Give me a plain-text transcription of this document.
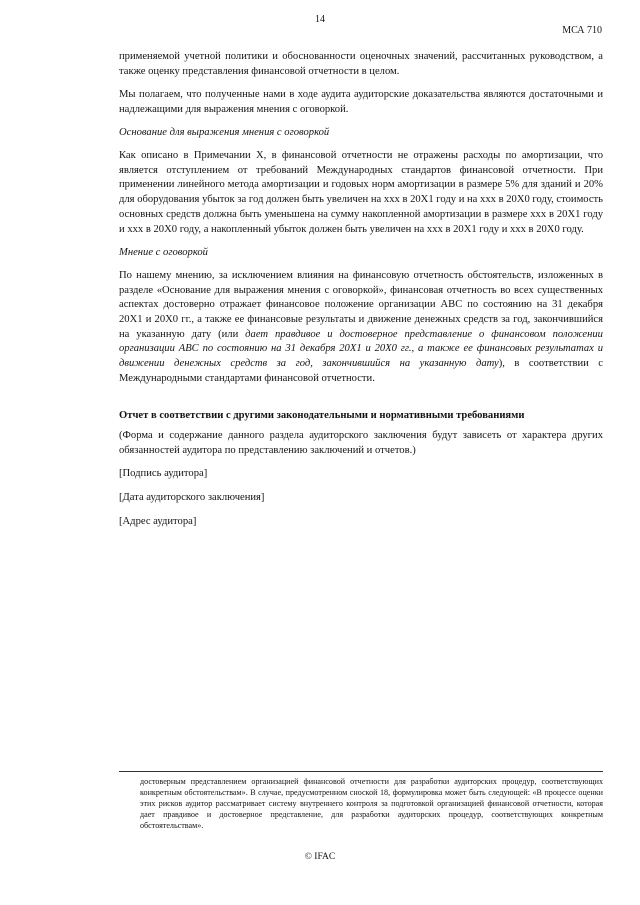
14
МСА 710

применяемой учетной политики и обоснованности оценочных значений, рассчитанных руководством, а также оценку представления финансовой отчетности в целом.

Мы полагаем, что полученные нами в ходе аудита аудиторские доказательства являются достаточными и надлежащими для выражения мнения с оговоркой.

Основание для выражения мнения с оговоркой

Как описано в Примечании X, в финансовой отчетности не отражены расходы по амортизации, что является отступлением от требований Международных стандартов финансовой отчетности. При применении линейного метода амортизации и годовых норм амортизации в размере 5% для зданий и 20% для оборудования убыток за год должен быть увеличен на xxx в 20X1 году и на xxx в 20X0 году, стоимость основных средств должна быть уменьшена на сумму накопленной амортизации в размере xxx в 20X1 году и xxx в 20X0 году, а накопленный убыток должен быть увеличен на xxx в 20X1 году и xxx в 20X0 году.

Мнение с оговоркой

По нашему мнению, за исключением влияния на финансовую отчетность обстоятельств, изложенных в разделе «Основание для выражения мнения с оговоркой», финансовая отчетность во всех существенных аспектах достоверно отражает финансовое положение организации ABC по состоянию на 31 декабря 20X1 и 20X0 гг., а также ее финансовые результаты и движение денежных средств за год, закончившийся на указанную дату (или дает правдивое и достоверное представление о финансовом положении организации ABC по состоянию на 31 декабря 20X1 и 20X0 гг., а также ее финансовых результатах и движении денежных средств за год, закончившийся на указанную дату), в соответствии с Международными стандартами финансовой отчетности.

Отчет в соответствии с другими законодательными и нормативными требованиями

(Форма и содержание данного раздела аудиторского заключения будут зависеть от характера других обязанностей аудитора по представлению заключений и отчетов.)

[Подпись аудитора]
[Дата аудиторского заключения]
[Адрес аудитора]

достоверным представлением организацией финансовой отчетности для разработки аудиторских процедур, соответствующих конкретным обстоятельствам». В случае, предусмотренном сноской 18, формулировка может быть следующей: «В процессе оценки этих рисков аудитор рассматривает систему внутреннего контроля за подготовкой организацией финансовой отчетности, которая дает правдивое и достоверное представление, для разработки аудиторских процедур, соответствующих конкретным обстоятельствам».

© IFAC
